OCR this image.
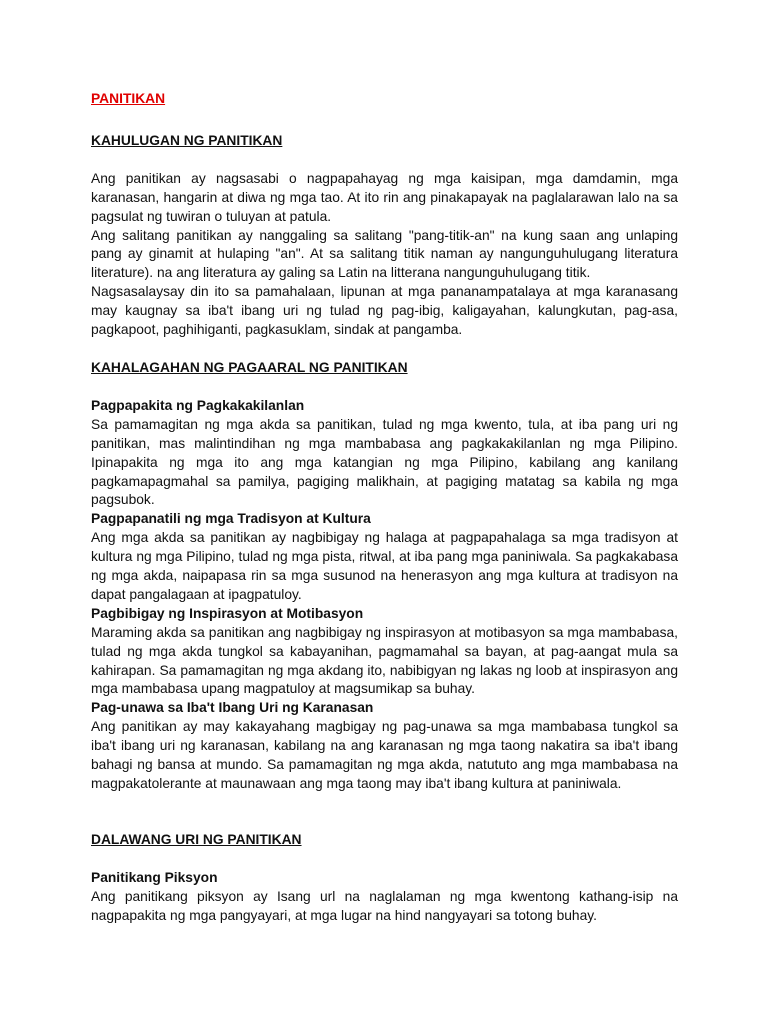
PANITIKAN
KAHULUGAN NG PANITIKAN

Ang panitikan ay nagsasabi o nagpapahayag ng mga kaisipan, mga damdamin, mga karanasan, hangarin at diwa ng mga tao. At ito rin ang pinakapayak na paglalarawan lalo na sa pagsulat ng tuwiran o tuluyan at patula.

Ang salitang panitikan ay nanggaling sa salitang "pang-titik-an" na kung saan ang unlaping pang ay ginamit at hulaping "an". At sa salitang titik naman ay nangunguhulugang literatura literature). na ang literatura ay galing sa Latin na litterana nangunguhulugang titik.

Nagsasalaysay din ito sa pamahalaan, lipunan at mga pananampatalaya at mga karanasang may kaugnay sa iba't ibang uri ng tulad ng pag-ibig, kaligayahan, kalungkutan, pag-asa, pagkapoot, paghihiganti, pagkasuklam, sindak at pangamba.

KAHALAGAHAN NG PAGAARAL NG PANITIKAN
Pagpapakita ng Pagkakakilanlan

Sa pamamagitan ng mga akda sa panitikan, tulad ng mga kwento, tula, at iba pang uri ng panitikan, mas malintindihan ng mga mambabasa ang pagkakakilanlan ng mga Pilipino. Ipinapakita ng mga ito ang mga katangian ng mga Pilipino, kabilang ang kanilang pagkamapagmahal sa pamilya, pagiging malikhain, at pagiging matatag sa kabila ng mga pagsubok.

Pagpapanatili ng mga Tradisyon at Kultura

Ang mga akda sa panitikan ay nagbibigay ng halaga at pagpapahalaga sa mga tradisyon at kultura ng mga Pilipino, tulad ng mga pista, ritwal, at iba pang mga paniniwala. Sa pagkakabasa ng mga akda, naipapasa rin sa mga susunod na henerasyon ang mga kultura at tradisyon na dapat pangalagaan at ipagpatuloy.

Pagbibigay ng Inspirasyon at Motibasyon

Maraming akda sa panitikan ang nagbibigay ng inspirasyon at motibasyon sa mga mambabasa, tulad ng mga akda tungkol sa kabayanihan, pagmamahal sa bayan, at pag-aangat mula sa kahirapan. Sa pamamagitan ng mga akdang ito, nabibigyan ng lakas ng loob at inspirasyon ang mga mambabasa upang magpatuloy at magsumikap sa buhay.

Pag-unawa sa Iba't Ibang Uri ng Karanasan

Ang panitikan ay may kakayahang magbigay ng pag-unawa sa mga mambabasa tungkol sa iba't ibang uri ng karanasan, kabilang na ang karanasan ng mga taong nakatira sa iba't ibang bahagi ng bansa at mundo. Sa pamamagitan ng mga akda, natututo ang mga mambabasa na magpakatolerante at maunawaan ang mga taong may iba't ibang kultura at paniniwala.

DALAWANG URI NG PANITIKAN
Panitikang Piksyon

Ang panitikang piksyon ay Isang url na naglalaman ng mga kwentong kathang-isip na nagpapakita ng mga pangyayari, at mga lugar na hind nangyayari sa totong buhay.
